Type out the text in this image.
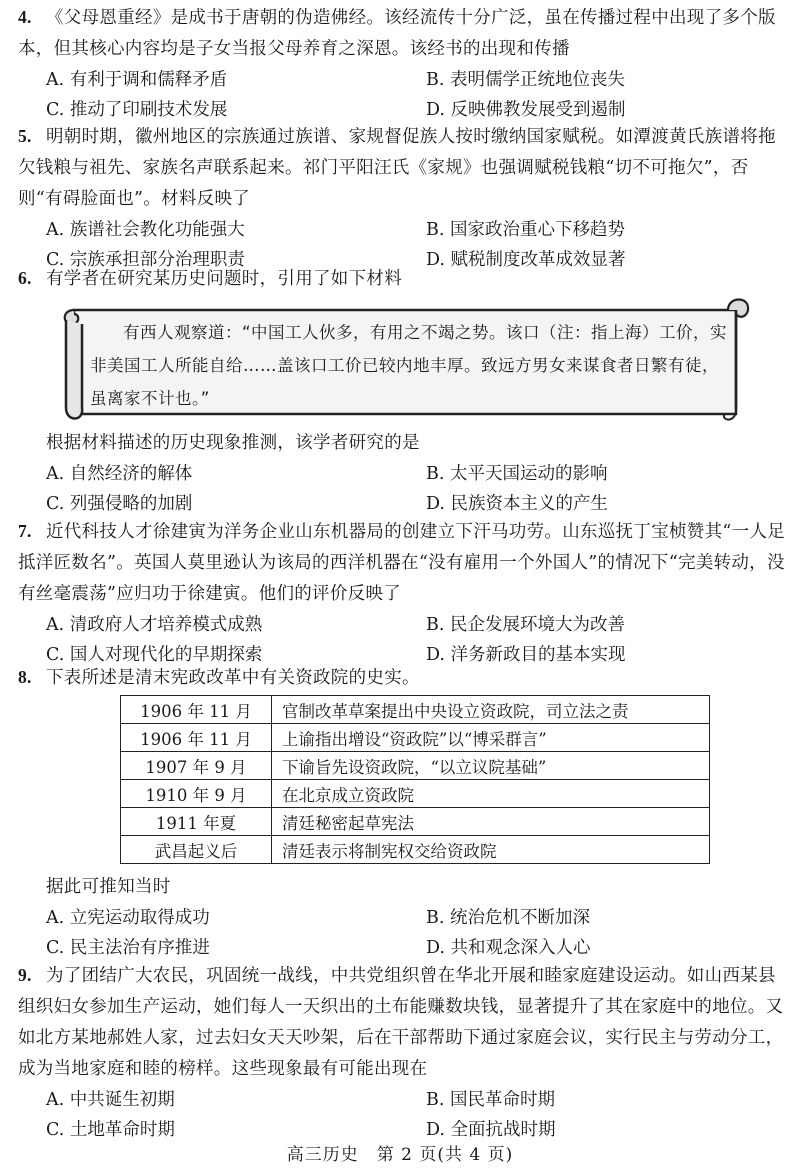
4. 《父母恩重经》是成书于唐朝的伪造佛经。该经流传十分广泛，虽在传播过程中出现了多个版本，但其核心内容均是子女当报父母养育之深恩。该经书的出现和传播
A. 有利于调和儒释矛盾	B. 表明儒学正统地位丧失
C. 推动了印刷技术发展	D. 反映佛教发展受到遏制
5. 明朝时期，徽州地区的宗族通过族谱、家规督促族人按时缴纳国家赋税。如潭渡黄氏族谱将拖欠钱粮与祖先、家族名声联系起来。祁门平阳汪氏《家规》也强调赋税钱粮“切不可拖欠”，否则“有碍脸面也”。材料反映了
A. 族谱社会教化功能强大	B. 国家政治重心下移趋势
C. 宗族承担部分治理职责	D. 赋税制度改革成效显著
6. 有学者在研究某历史问题时，引用了如下材料

有西人观察道：“中国工人伙多，有用之不竭之势。该口（注：指上海）工价，实非美国工人所能自给……盖该口工价已较内地丰厚。致远方男女来谋食者日繁有徒，虽离家不计也。”

根据材料描述的历史现象推测，该学者研究的是
A. 自然经济的解体	B. 太平天国运动的影响
C. 列强侵略的加剧	D. 民族资本主义的产生
7. 近代科技人才徐建寅为洋务企业山东机器局的创建立下汗马功劳。山东巡抚丁宝桢赞其“一人足抵洋匠数名”。英国人莫里逊认为该局的西洋机器在“没有雇用一个外国人”的情况下“完美转动，没有丝毫震荡”应归功于徐建寅。他们的评价反映了
A. 清政府人才培养模式成熟	B. 民企发展环境大为改善
C. 国人对现代化的早期探索	D. 洋务新政目的基本实现
8. 下表所述是清末宪政改革中有关资政院的史实。
1906 年 11 月	官制改革草案提出中央设立资政院，司立法之责
1906 年 11 月	上谕指出增设“资政院”以“博采群言”
1907 年 9 月	下谕旨先设资政院，“以立议院基础”
1910 年 9 月	在北京成立资政院
1911 年夏	清廷秘密起草宪法
武昌起义后	清廷表示将制宪权交给资政院
据此可推知当时
A. 立宪运动取得成功	B. 统治危机不断加深
C. 民主法治有序推进	D. 共和观念深入人心
9. 为了团结广大农民，巩固统一战线，中共党组织曾在华北开展和睦家庭建设运动。如山西某县组织妇女参加生产运动，她们每人一天织出的土布能赚数块钱，显著提升了其在家庭中的地位。又如北方某地郝姓人家，过去妇女天天吵架，后在干部帮助下通过家庭会议，实行民主与劳动分工，成为当地家庭和睦的榜样。这些现象最有可能出现在
A. 中共诞生初期	B. 国民革命时期
C. 土地革命时期	D. 全面抗战时期
高三历史　第 2 页(共 4 页)
